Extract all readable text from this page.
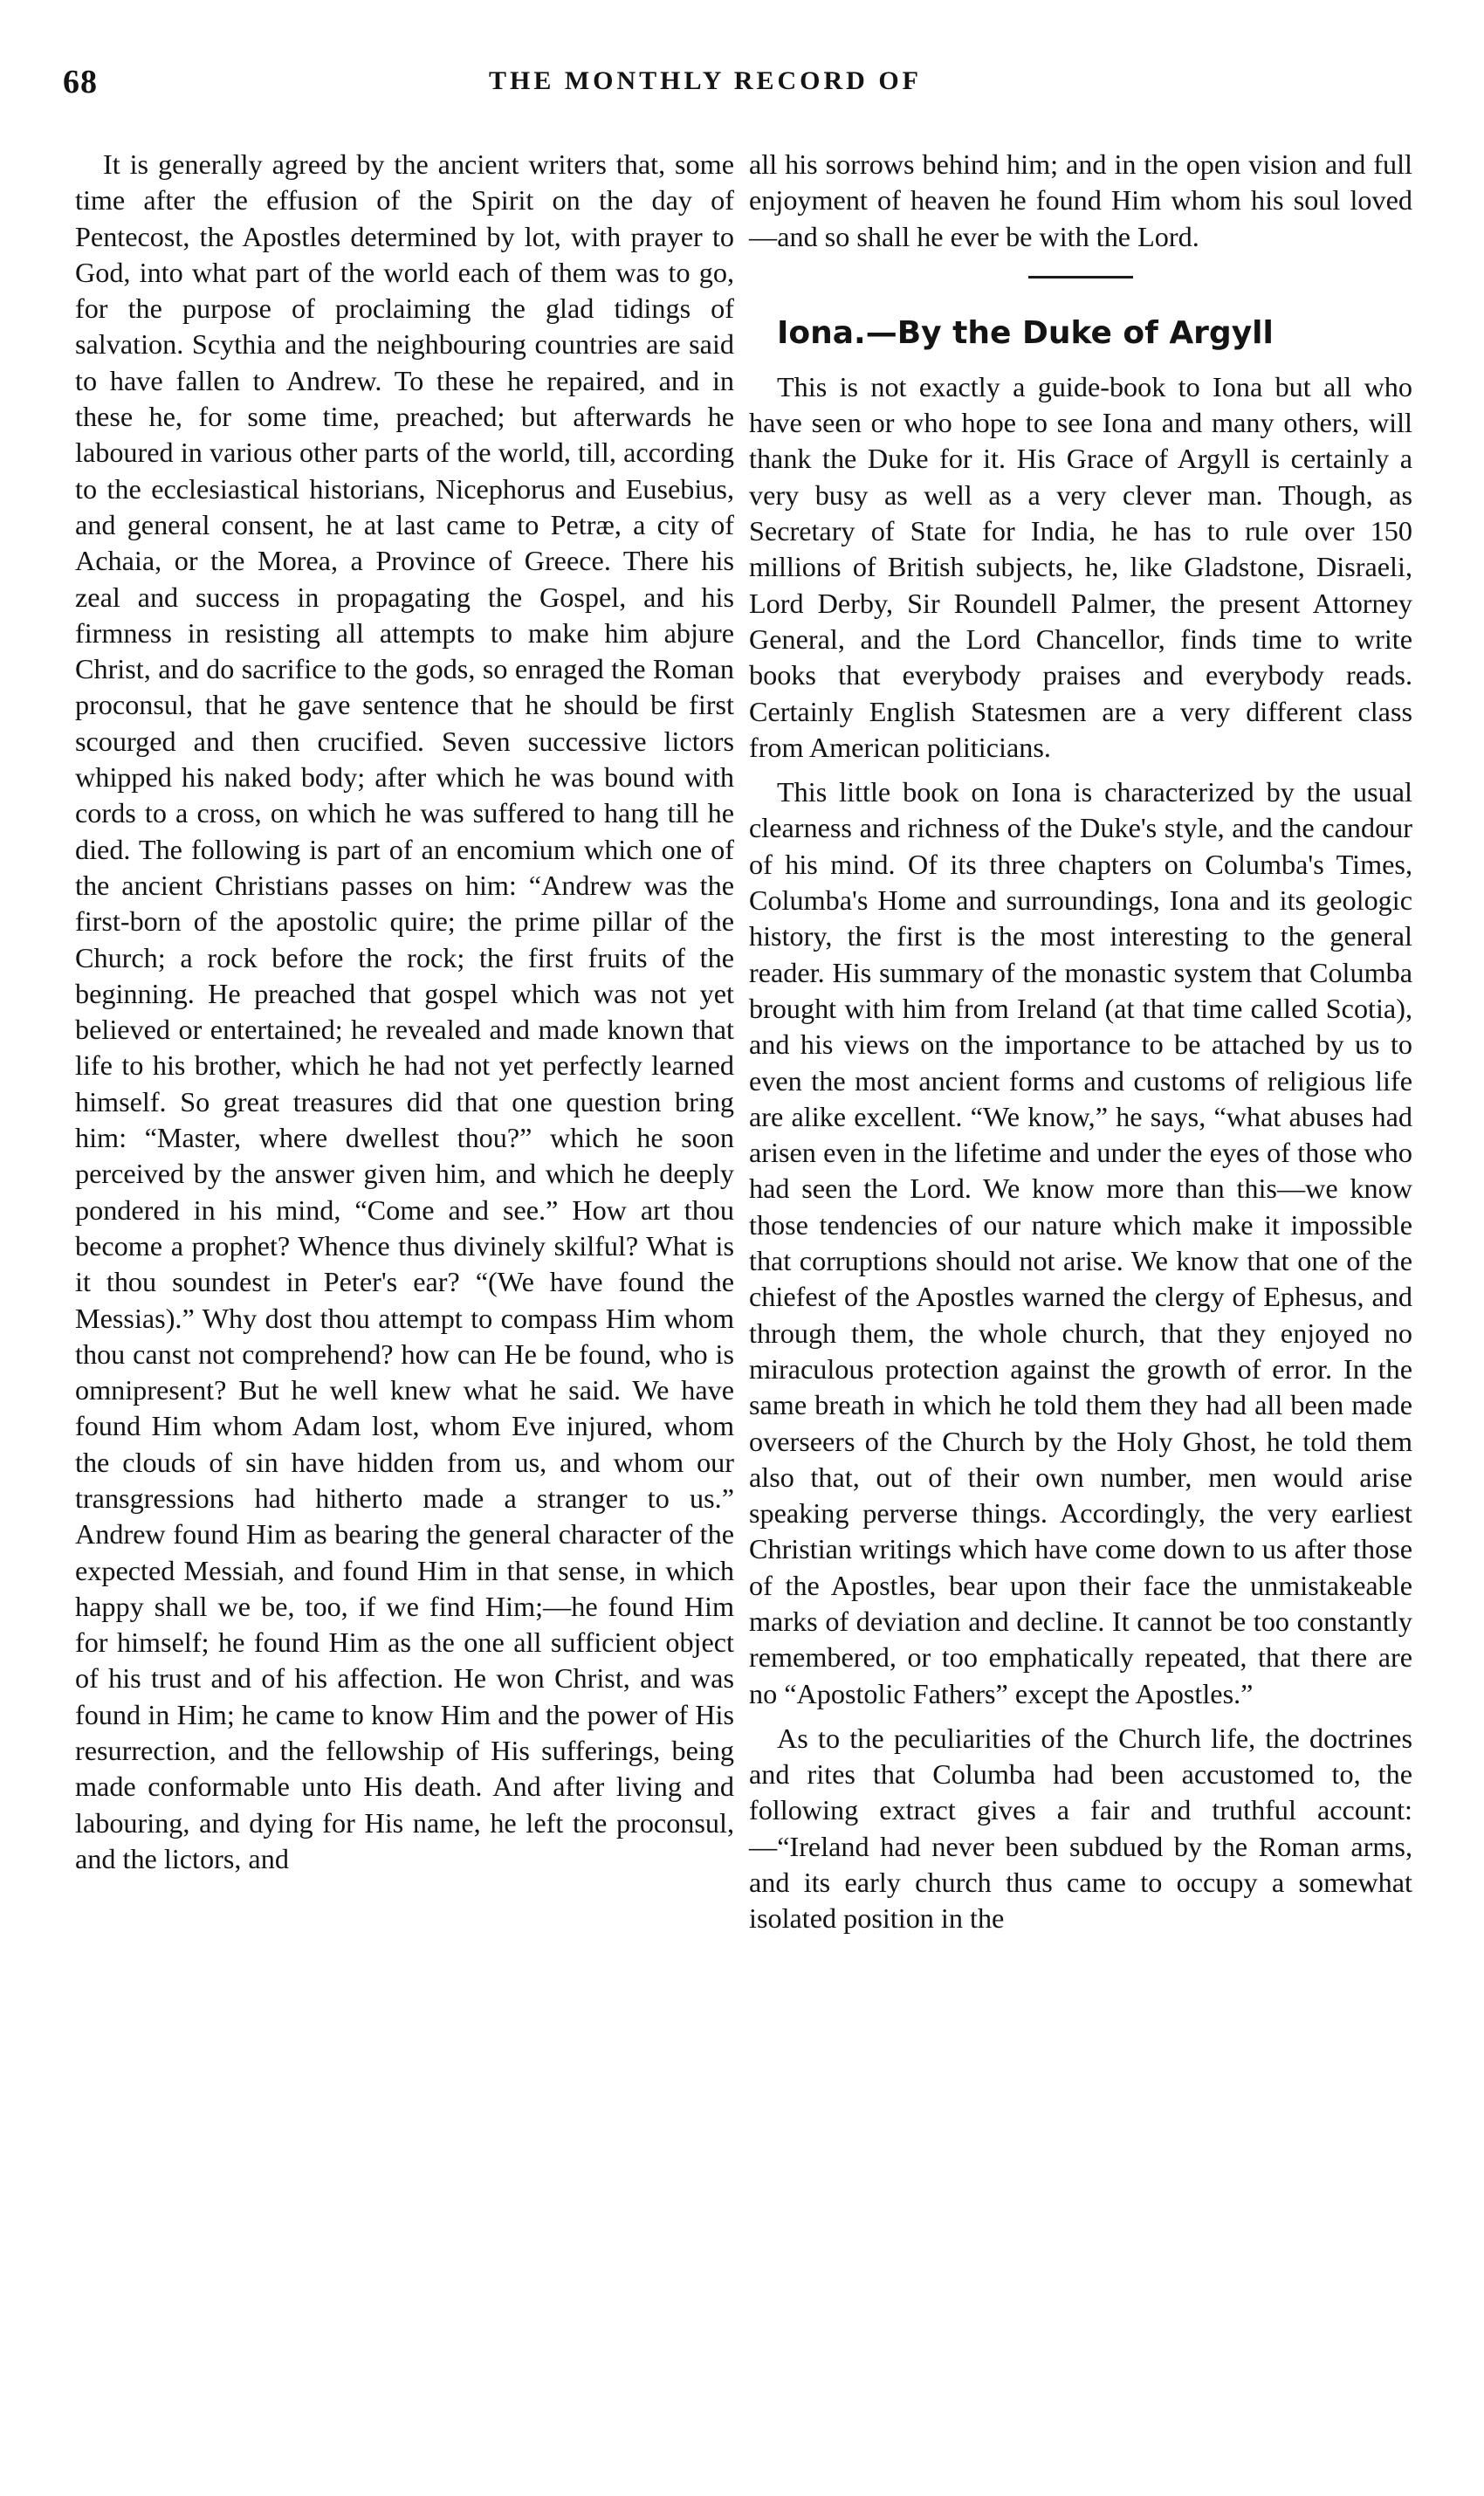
68	THE MONTHLY RECORD OF

It is generally agreed by the ancient writers that, some time after the effusion of the Spirit on the day of Pentecost, the Apostles determined by lot, with prayer to God, into what part of the world each of them was to go, for the purpose of proclaiming the glad tidings of salvation. Scythia and the neighbouring countries are said to have fallen to Andrew. To these he repaired, and in these he, for some time, preached; but afterwards he laboured in various other parts of the world, till, according to the ecclesiastical historians, Nicephorus and Eusebius, and general consent, he at last came to Petræ, a city of Achaia, or the Morea, a Province of Greece. There his zeal and success in propagating the Gospel, and his firmness in resisting all attempts to make him abjure Christ, and do sacrifice to the gods, so enraged the Roman proconsul, that he gave sentence that he should be first scourged and then crucified. Seven successive lictors whipped his naked body; after which he was bound with cords to a cross, on which he was suffered to hang till he died. The following is part of an encomium which one of the ancient Christians passes on him: “Andrew was the first-born of the apostolic quire; the prime pillar of the Church; a rock before the rock; the first fruits of the beginning. He preached that gospel which was not yet believed or entertained; he revealed and made known that life to his brother, which he had not yet perfectly learned himself. So great treasures did that one question bring him: “Master, where dwellest thou?” which he soon perceived by the answer given him, and which he deeply pondered in his mind, “Come and see.” How art thou become a prophet? Whence thus divinely skilful? What is it thou soundest in Peter's ear? “(We have found the Messias).” Why dost thou attempt to compass Him whom thou canst not comprehend? how can He be found, who is omnipresent? But he well knew what he said. We have found Him whom Adam lost, whom Eve injured, whom the clouds of sin have hidden from us, and whom our transgressions had hitherto made a stranger to us.” Andrew found Him as bearing the general character of the expected Messiah, and found Him in that sense, in which happy shall we be, too, if we find Him;—he found Him for himself; he found Him as the one all sufficient object of his trust and of his affection. He won Christ, and was found in Him; he came to know Him and the power of His resurrection, and the fellowship of His sufferings, being made conformable unto His death. And after living and labouring, and dying for His name, he left the proconsul, and the lictors, and

all his sorrows behind him; and in the open vision and full enjoyment of heaven he found Him whom his soul loved—and so shall he ever be with the Lord.

Iona.—By the Duke of Argyll

This is not exactly a guide-book to Iona but all who have seen or who hope to see Iona and many others, will thank the Duke for it. His Grace of Argyll is certainly a very busy as well as a very clever man. Though, as Secretary of State for India, he has to rule over 150 millions of British subjects, he, like Gladstone, Disraeli, Lord Derby, Sir Roundell Palmer, the present Attorney General, and the Lord Chancellor, finds time to write books that everybody praises and everybody reads. Certainly English Statesmen are a very different class from American politicians.

This little book on Iona is characterized by the usual clearness and richness of the Duke's style, and the candour of his mind. Of its three chapters on Columba's Times, Columba's Home and surroundings, Iona and its geologic history, the first is the most interesting to the general reader. His summary of the monastic system that Columba brought with him from Ireland (at that time called Scotia), and his views on the importance to be attached by us to even the most ancient forms and customs of religious life are alike excellent. “We know,” he says, “what abuses had arisen even in the lifetime and under the eyes of those who had seen the Lord. We know more than this—we know those tendencies of our nature which make it impossible that corruptions should not arise. We know that one of the chiefest of the Apostles warned the clergy of Ephesus, and through them, the whole church, that they enjoyed no miraculous protection against the growth of error. In the same breath in which he told them they had all been made overseers of the Church by the Holy Ghost, he told them also that, out of their own number, men would arise speaking perverse things. Accordingly, the very earliest Christian writings which have come down to us after those of the Apostles, bear upon their face the unmistakeable marks of deviation and decline. It cannot be too constantly remembered, or too emphatically repeated, that there are no “Apostolic Fathers” except the Apostles.”

As to the peculiarities of the Church life, the doctrines and rites that Columba had been accustomed to, the following extract gives a fair and truthful account:—“Ireland had never been subdued by the Roman arms, and its early church thus came to occupy a somewhat isolated position in the
